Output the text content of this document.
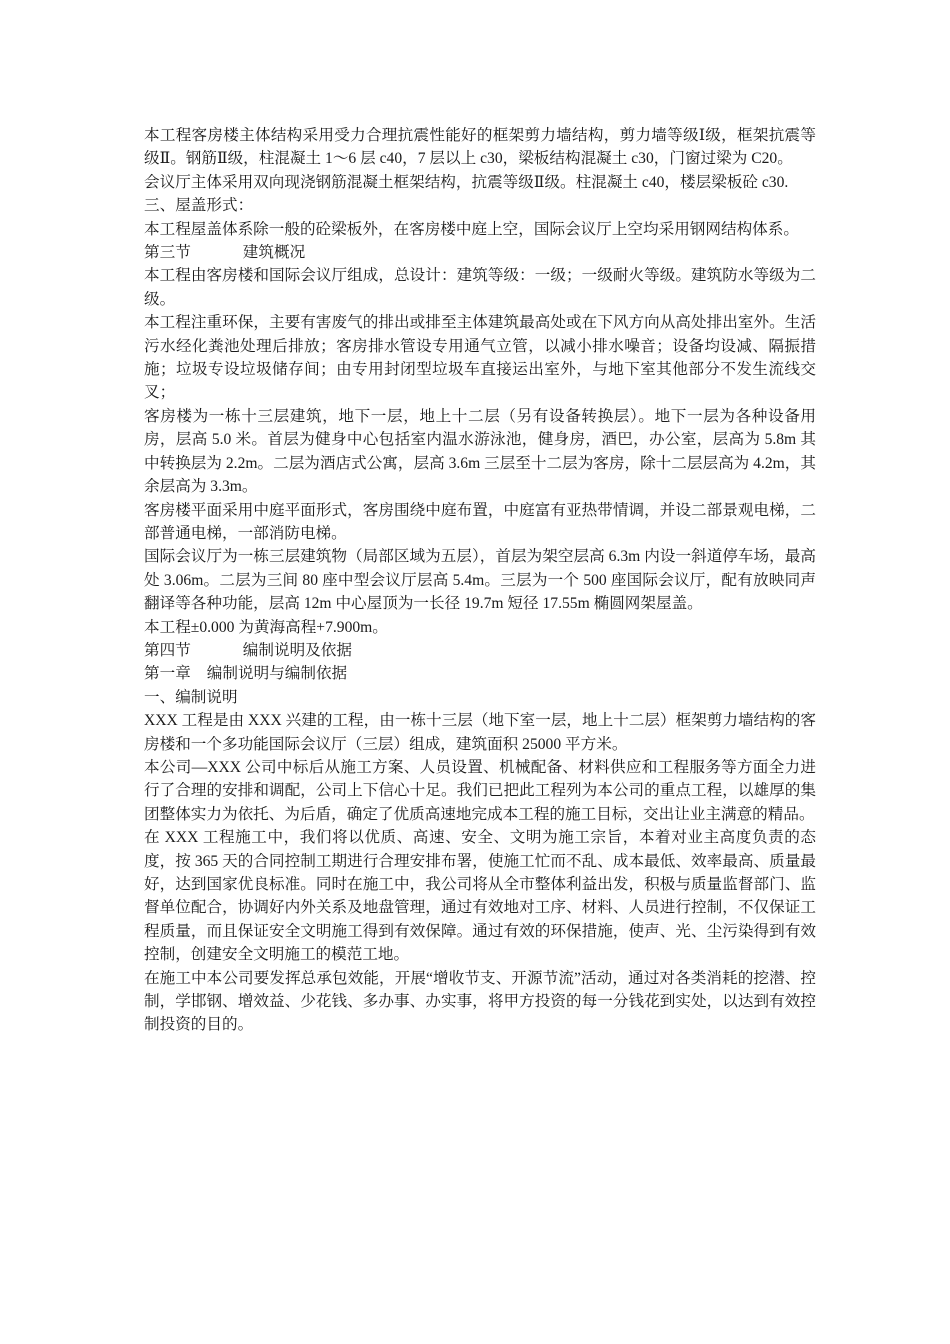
本工程客房楼主体结构采用受力合理抗震性能好的框架剪力墙结构，剪力墙等级Ⅰ级，框架抗震等级Ⅱ。钢筋Ⅱ级，柱混凝土 1～6 层 c40，7 层以上 c30，梁板结构混凝土 c30，门窗过梁为 C20。

会议厅主体采用双向现浇钢筋混凝土框架结构，抗震等级Ⅱ级。柱混凝土 c40，楼层梁板砼 c30.

三、屋盖形式：

本工程屋盖体系除一般的砼梁板外，在客房楼中庭上空，国际会议厅上空均采用钢网结构体系。

第三节	建筑概况

本工程由客房楼和国际会议厅组成，总设计：建筑等级：一级；一级耐火等级。建筑防水等级为二级。

本工程注重环保，主要有害废气的排出或排至主体建筑最高处或在下风方向从高处排出室外。生活污水经化粪池处理后排放；客房排水管设专用通气立管，以减小排水噪音；设备均设减、隔振措施；垃圾专设垃圾储存间；由专用封闭型垃圾车直接运出室外，与地下室其他部分不发生流线交叉；

客房楼为一栋十三层建筑，地下一层，地上十二层（另有设备转换层）。地下一层为各种设备用房，层高 5.0 米。首层为健身中心包括室内温水游泳池，健身房，酒巴，办公室，层高为 5.8m 其中转换层为 2.2m。二层为酒店式公寓，层高 3.6m 三层至十二层为客房，除十二层层高为 4.2m，其余层高为 3.3m。

客房楼平面采用中庭平面形式，客房围绕中庭布置，中庭富有亚热带情调，并设二部景观电梯，二部普通电梯，一部消防电梯。

国际会议厅为一栋三层建筑物（局部区域为五层），首层为架空层高 6.3m 内设一斜道停车场，最高处 3.06m。二层为三间 80 座中型会议厅层高 5.4m。三层为一个 500 座国际会议厅，配有放映同声翻译等各种功能，层高 12m 中心屋顶为一长径 19.7m 短径 17.55m 椭圆网架屋盖。

本工程±0.000 为黄海高程+7.900m。

第四节	编制说明及依据

第一章 编制说明与编制依据

一、编制说明

XXX 工程是由 XXX 兴建的工程，由一栋十三层（地下室一层，地上十二层）框架剪力墙结构的客房楼和一个多功能国际会议厅（三层）组成，建筑面积 25000 平方米。

本公司—XXX 公司中标后从施工方案、人员设置、机械配备、材料供应和工程服务等方面全力进行了合理的安排和调配，公司上下信心十足。我们已把此工程列为本公司的重点工程，以雄厚的集团整体实力为依托、为后盾，确定了优质高速地完成本工程的施工目标，交出让业主满意的精品。

在 XXX 工程施工中，我们将以优质、高速、安全、文明为施工宗旨，本着对业主高度负责的态度，按 365 天的合同控制工期进行合理安排布署，使施工忙而不乱、成本最低、效率最高、质量最好，达到国家优良标准。同时在施工中，我公司将从全市整体利益出发，积极与质量监督部门、监督单位配合，协调好内外关系及地盘管理，通过有效地对工序、材料、人员进行控制，不仅保证工程质量，而且保证安全文明施工得到有效保障。通过有效的环保措施，使声、光、尘污染得到有效控制，创建安全文明施工的模范工地。

在施工中本公司要发挥总承包效能，开展“增收节支、开源节流”活动，通过对各类消耗的挖潜、控制，学邯钢、增效益、少花钱、多办事、办实事，将甲方投资的每一分钱花到实处，以达到有效控制投资的目的。
